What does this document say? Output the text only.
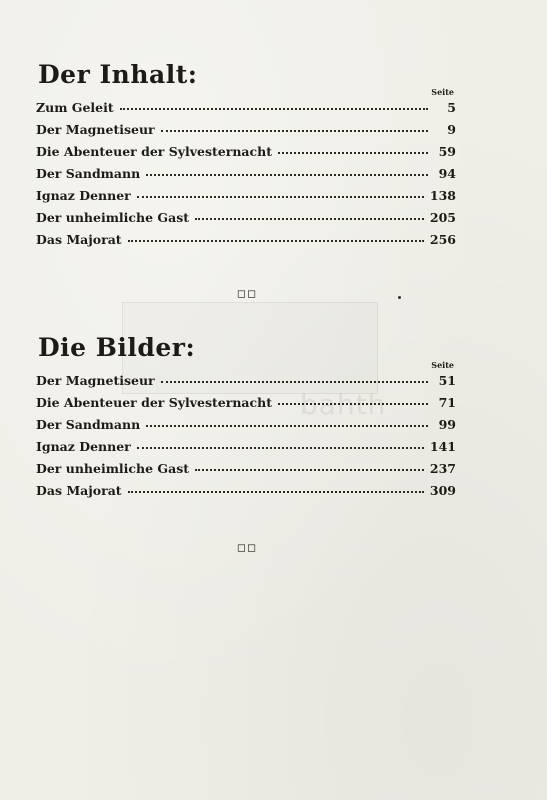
bahth
Der Inhalt:
Seite
Zum Geleit	5
Der Magnetiseur	9
Die Abenteuer der Sylvesternacht	59
Der Sandmann	94
Ignaz Denner	138
Der unheimliche Gast	205
Das Majorat	256
◻◻
Die Bilder:
Seite
Der Magnetiseur	51
Die Abenteuer der Sylvesternacht	71
Der Sandmann	99
Ignaz Denner	141
Der unheimliche Gast	237
Das Majorat	309
◻◻
